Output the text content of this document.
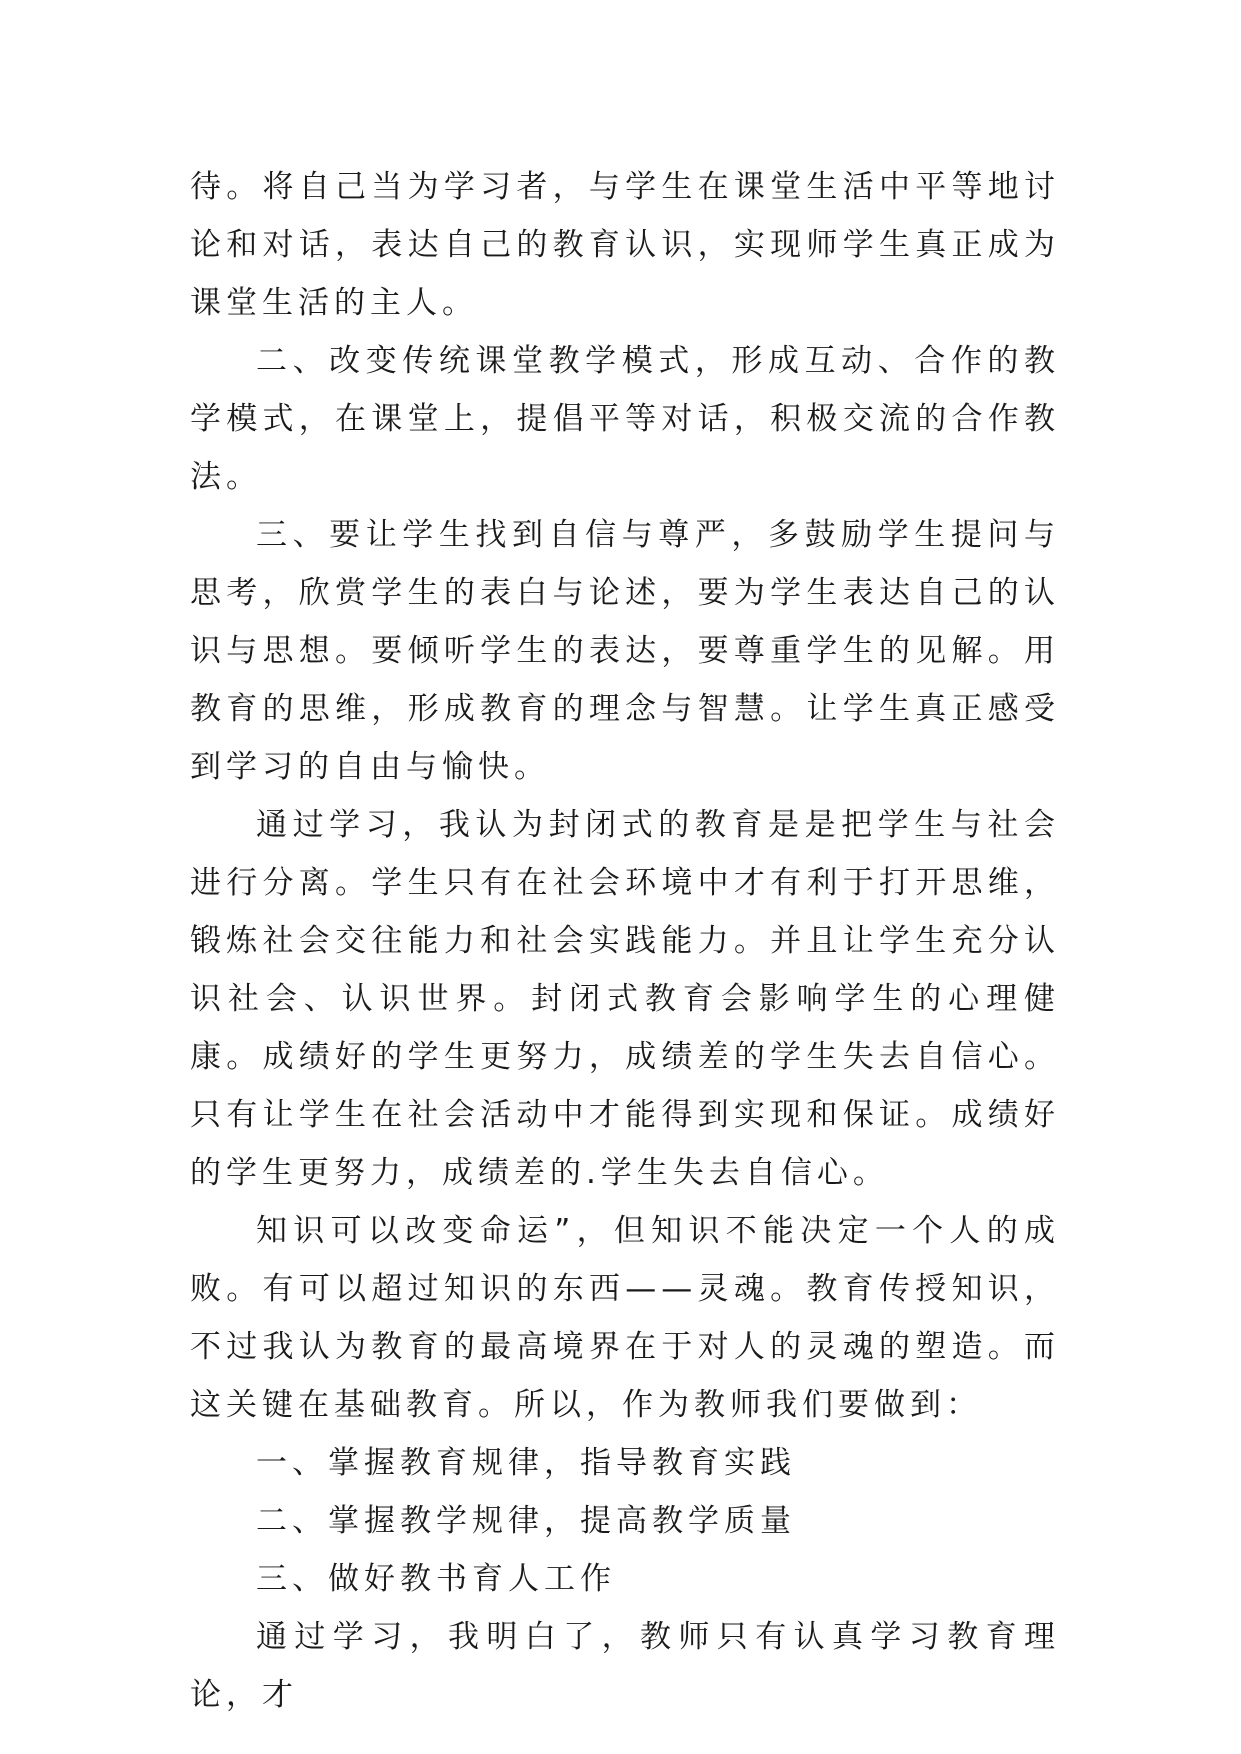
待。将自己当为学习者，与学生在课堂生活中平等地讨论和对话，表达自己的教育认识，实现师学生真正成为课堂生活的主人。

二、改变传统课堂教学模式，形成互动、合作的教学模式，在课堂上，提倡平等对话，积极交流的合作教法。

三、要让学生找到自信与尊严，多鼓励学生提问与思考，欣赏学生的表白与论述，要为学生表达自己的认识与思想。要倾听学生的表达，要尊重学生的见解。用教育的思维，形成教育的理念与智慧。让学生真正感受到学习的自由与愉快。

通过学习，我认为封闭式的教育是是把学生与社会进行分离。学生只有在社会环境中才有利于打开思维，锻炼社会交往能力和社会实践能力。并且让学生充分认识社会、认识世界。封闭式教育会影响学生的心理健康。成绩好的学生更努力，成绩差的学生失去自信心。只有让学生在社会活动中才能得到实现和保证。成绩好的学生更努力，成绩差的.学生失去自信心。

知识可以改变命运”，但知识不能决定一个人的成败。有可以超过知识的东西——灵魂。教育传授知识，不过我认为教育的最高境界在于对人的灵魂的塑造。而这关键在基础教育。所以，作为教师我们要做到：

一、掌握教育规律，指导教育实践

二、掌握教学规律，提高教学质量

三、做好教书育人工作

通过学习，我明白了，教师只有认真学习教育理论，才
